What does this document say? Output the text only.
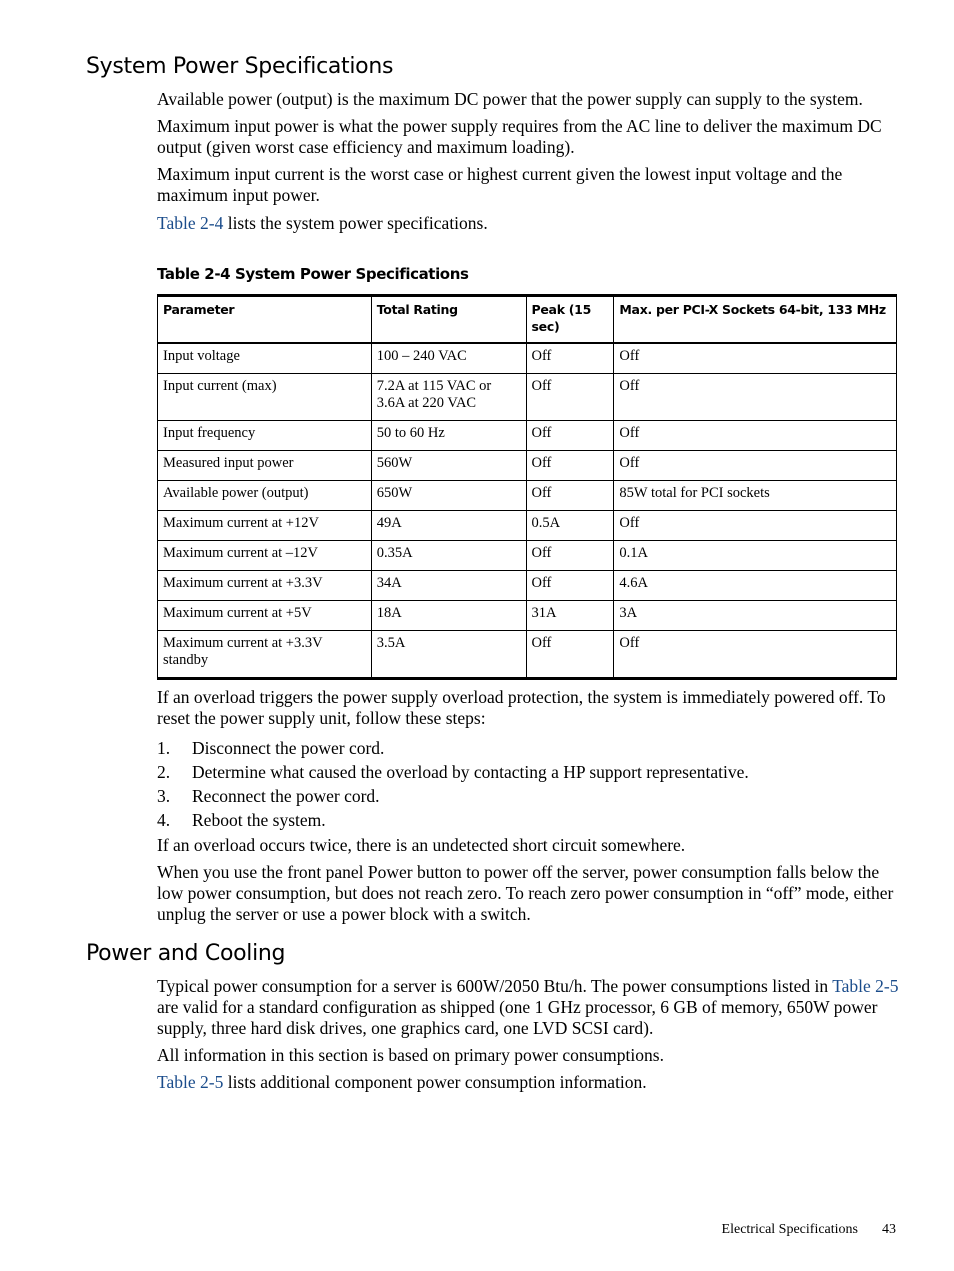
System Power Specifications

Available power (output) is the maximum DC power that the power supply can supply to the system.

Maximum input power is what the power supply requires from the AC line to deliver the maximum DC output (given worst case efficiency and maximum loading).

Maximum input current is the worst case or highest current given the lowest input voltage and the maximum input power.

Table 2-4 lists the system power specifications.

Table 2-4 System Power Specifications
Parameter	Total Rating	Peak (15 sec)	Max. per PCI-X Sockets 64-bit, 133 MHz
Input voltage	100 – 240 VAC	Off	Off
Input current (max)	7.2A at 115 VAC or 3.6A at 220 VAC	Off	Off
Input frequency	50 to 60 Hz	Off	Off
Measured input power	560W	Off	Off
Available power (output)	650W	Off	85W total for PCI sockets
Maximum current at +12V	49A	0.5A	Off
Maximum current at –12V	0.35A	Off	0.1A
Maximum current at +3.3V	34A	Off	4.6A
Maximum current at +5V	18A	31A	3A
Maximum current at +3.3V standby	3.5A	Off	Off

If an overload triggers the power supply overload protection, the system is immediately powered off. To reset the power supply unit, follow these steps:

1.	Disconnect the power cord.
2.	Determine what caused the overload by contacting a HP support representative.
3.	Reconnect the power cord.
4.	Reboot the system.

If an overload occurs twice, there is an undetected short circuit somewhere.

When you use the front panel Power button to power off the server, power consumption falls below the low power consumption, but does not reach zero. To reach zero power consumption in “off” mode, either unplug the server or use a power block with a switch.

Power and Cooling

Typical power consumption for a server is 600W/2050 Btu/h. The power consumptions listed in Table 2-5 are valid for a standard configuration as shipped (one 1 GHz processor, 6 GB of memory, 650W power supply, three hard disk drives, one graphics card, one LVD SCSI card).

All information in this section is based on primary power consumptions.

Table 2-5 lists additional component power consumption information.

Electrical Specifications 43
